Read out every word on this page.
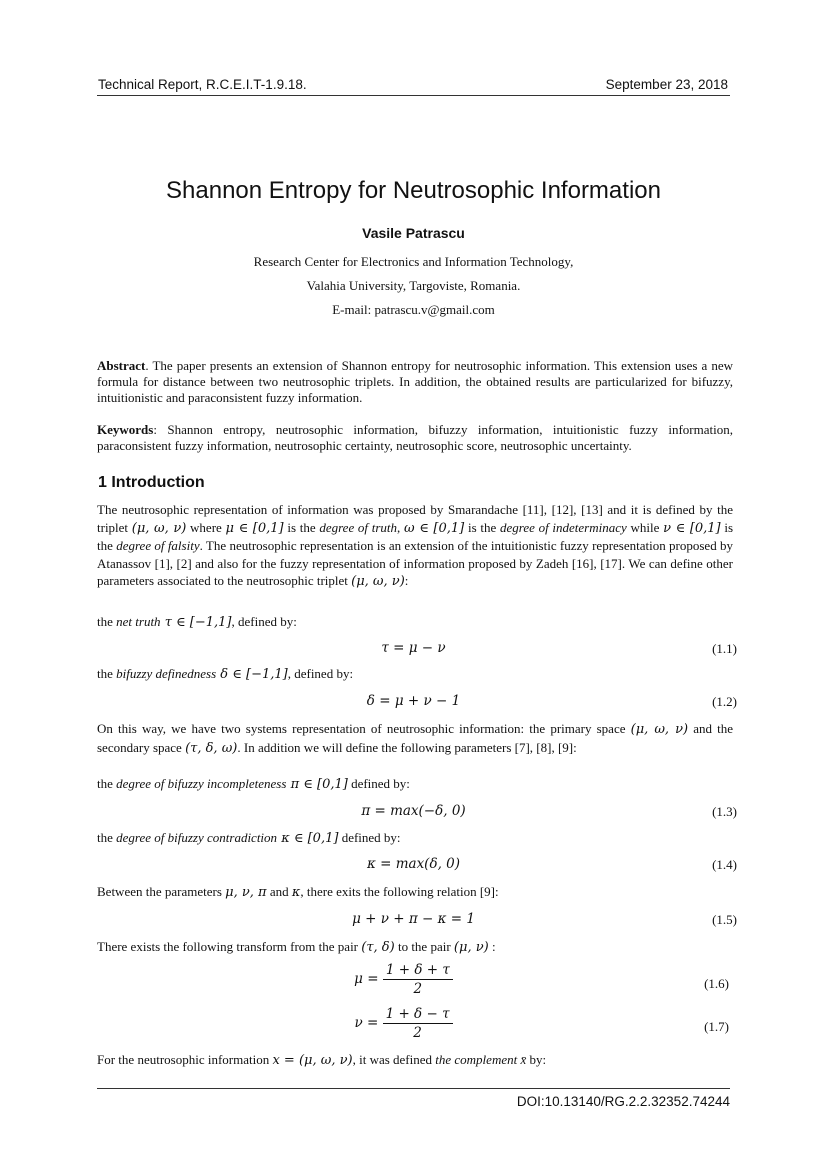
Technical Report, R.C.E.I.T-1.9.18.	September 23, 2018
Shannon Entropy for Neutrosophic Information
Vasile Patrascu
Research Center for Electronics and Information Technology,
Valahia University, Targoviste, Romania.
E-mail: patrascu.v@gmail.com
Abstract. The paper presents an extension of Shannon entropy for neutrosophic information. This extension uses a new formula for distance between two neutrosophic triplets. In addition, the obtained results are particularized for bifuzzy, intuitionistic and paraconsistent fuzzy information.
Keywords: Shannon entropy, neutrosophic information, bifuzzy information, intuitionistic fuzzy information, paraconsistent fuzzy information, neutrosophic certainty, neutrosophic score, neutrosophic uncertainty.
1 Introduction
The neutrosophic representation of information was proposed by Smarandache [11], [12], [13] and it is defined by the triplet (μ, ω, ν) where μ ∈ [0,1] is the degree of truth, ω ∈ [0,1] is the degree of indeterminacy while ν ∈ [0,1] is the degree of falsity. The neutrosophic representation is an extension of the intuitionistic fuzzy representation proposed by Atanassov [1], [2] and also for the fuzzy representation of information proposed by Zadeh [16], [17]. We can define other parameters associated to the neutrosophic triplet (μ, ω, ν):
the net truth τ ∈ [−1,1], defined by:
τ = μ − ν	(1.1)
the bifuzzy definedness δ ∈ [−1,1], defined by:
δ = μ + ν − 1	(1.2)
On this way, we have two systems representation of neutrosophic information: the primary space (μ, ω, ν) and the secondary space (τ, δ, ω). In addition we will define the following parameters [7], [8], [9]:
the degree of bifuzzy incompleteness π ∈ [0,1] defined by:
π = max(−δ, 0)	(1.3)
the degree of bifuzzy contradiction κ ∈ [0,1] defined by:
κ = max(δ, 0)	(1.4)
Between the parameters μ, ν, π and κ, there exits the following relation [9]:
μ + ν + π − κ = 1	(1.5)
There exists the following transform from the pair (τ, δ) to the pair (μ, ν) :
$\mu = \frac{1 + \delta + \tau}{2}$	(1.6)
$\nu = \frac{1 + \delta - \tau}{2}$	(1.7)
For the neutrosophic information x = (μ, ω, ν), it was defined the complement x̄ by:
DOI:10.13140/RG.2.2.32352.74244
